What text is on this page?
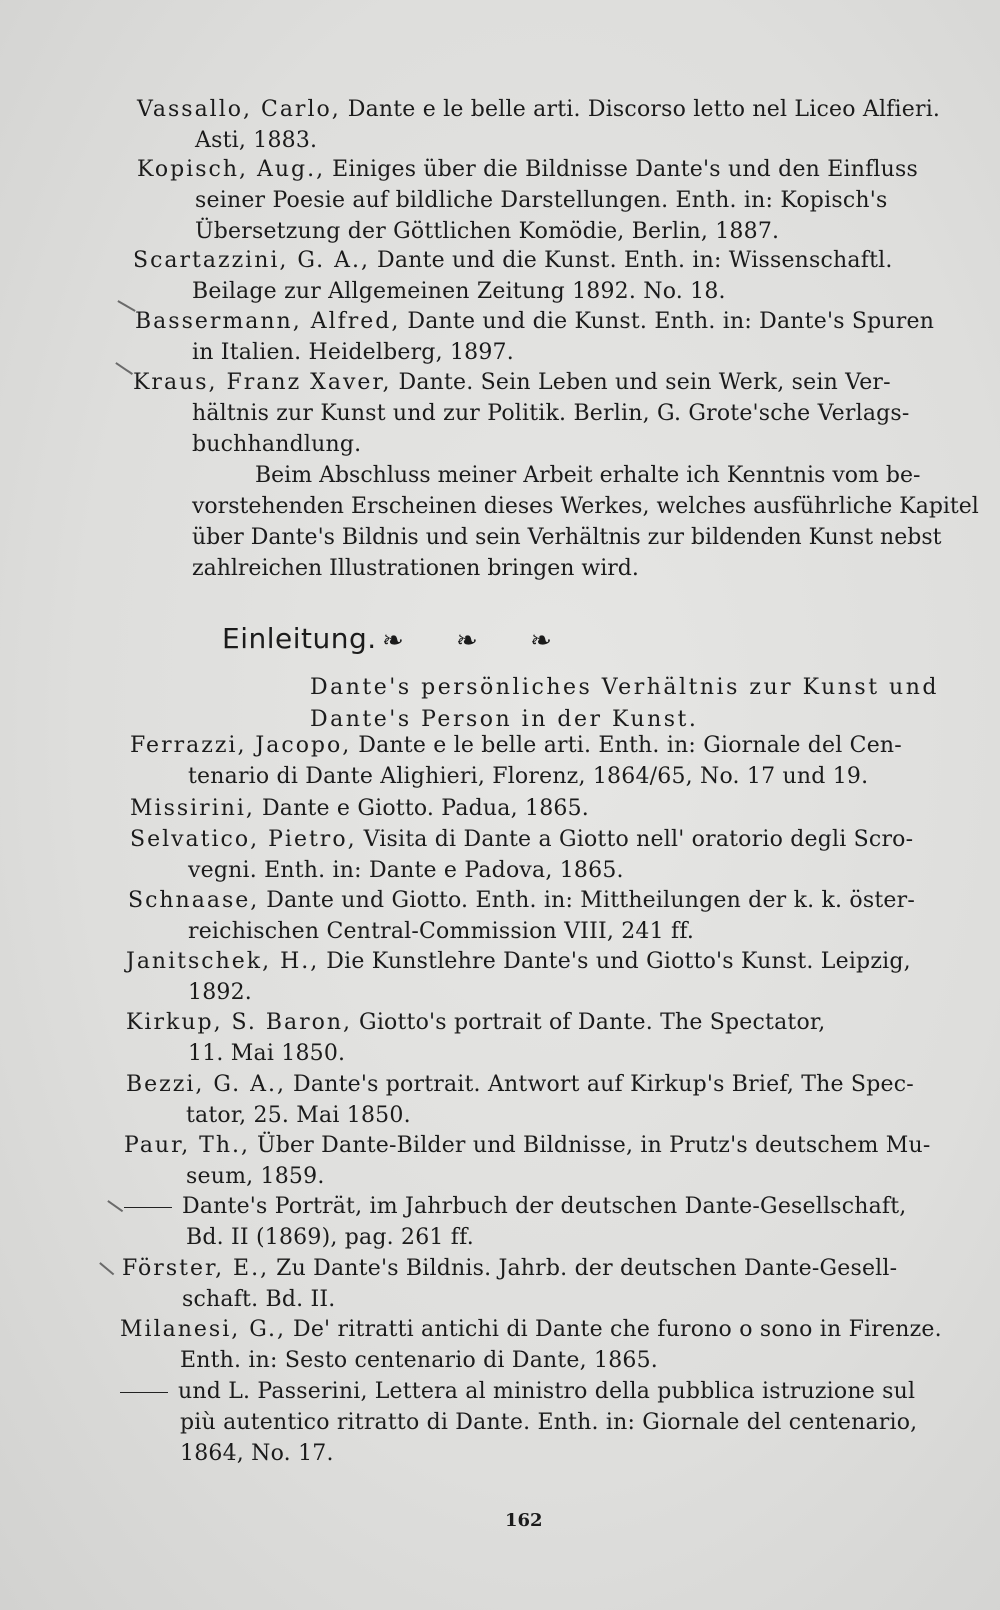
Vassallo, Carlo, Dante e le belle arti. Discorso letto nel Liceo Alfieri.
Asti, 1883.
Kopisch, Aug., Einiges über die Bildnisse Dante's und den Einfluss
seiner Poesie auf bildliche Darstellungen. Enth. in: Kopisch's
Übersetzung der Göttlichen Komödie, Berlin, 1887.
Scartazzini, G. A., Dante und die Kunst. Enth. in: Wissenschaftl.
Beilage zur Allgemeinen Zeitung 1892. No. 18.
Bassermann, Alfred, Dante und die Kunst. Enth. in: Dante's Spuren
in Italien. Heidelberg, 1897.
Kraus, Franz Xaver, Dante. Sein Leben und sein Werk, sein Ver-
hältnis zur Kunst und zur Politik. Berlin, G. Grote'sche Verlags-
buchhandlung.
Beim Abschluss meiner Arbeit erhalte ich Kenntnis vom be-
vorstehenden Erscheinen dieses Werkes, welches ausführliche Kapitel
über Dante's Bildnis und sein Verhältnis zur bildenden Kunst nebst
zahlreichen Illustrationen bringen wird.
Einleitung. ❧ ❧ ❧
Dante's persönliches Verhältnis zur Kunst und
Dante's Person in der Kunst.
Ferrazzi, Jacopo, Dante e le belle arti. Enth. in: Giornale del Cen-
tenario di Dante Alighieri, Florenz, 1864/65, No. 17 und 19.
Missirini, Dante e Giotto. Padua, 1865.
Selvatico, Pietro, Visita di Dante a Giotto nell' oratorio degli Scro-
vegni. Enth. in: Dante e Padova, 1865.
Schnaase, Dante und Giotto. Enth. in: Mittheilungen der k. k. öster-
reichischen Central-Commission VIII, 241 ff.
Janitschek, H., Die Kunstlehre Dante's und Giotto's Kunst. Leipzig,
1892.
Kirkup, S. Baron, Giotto's portrait of Dante. The Spectator,
11. Mai 1850.
Bezzi, G. A., Dante's portrait. Antwort auf Kirkup's Brief, The Spec-
tator, 25. Mai 1850.
Paur, Th., Über Dante-Bilder und Bildnisse, in Prutz's deutschem Mu-
seum, 1859.
Dante's Porträt, im Jahrbuch der deutschen Dante-Gesellschaft,
Bd. II (1869), pag. 261 ff.
Förster, E., Zu Dante's Bildnis. Jahrb. der deutschen Dante-Gesell-
schaft. Bd. II.
Milanesi, G., De' ritratti antichi di Dante che furono o sono in Firenze.
Enth. in: Sesto centenario di Dante, 1865.
und L. Passerini, Lettera al ministro della pubblica istruzione sul
più autentico ritratto di Dante. Enth. in: Giornale del centenario,
1864, No. 17.
162
